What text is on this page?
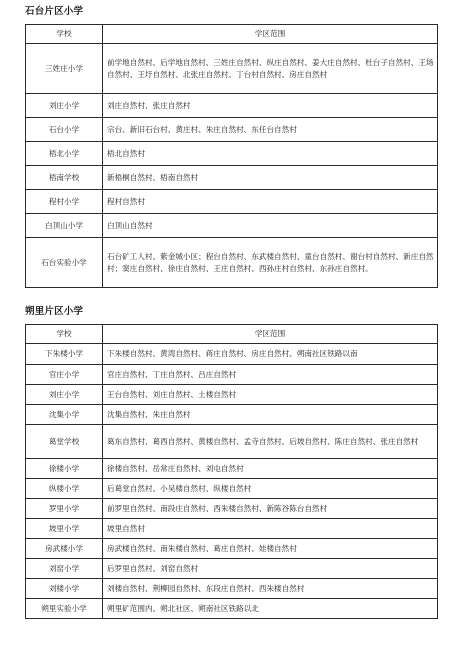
石台片区小学
学校	学区范围
三姓庄小学	前学地自然村、后学地自然村、三姓庄自然村、纵庄自然村、姜大庄自然村、杜台子自然村、王场自然村、王圩自然村、北张庄自然村、丁台村自然村、房庄自然村
刘庄小学	刘庄自然村、张庄自然村
石台小学	宗台、新旧石台村、黄庄村、朱庄自然村、东任台自然村
梧北小学	梧北自然村
梧南学校	新梧桐自然村、梧南自然村
程村小学	程村自然村
白顶山小学	白顶山自然村
石台实验小学	石台矿工人村、紫金城小区；程台自然村、东武楼自然村、童台自然村、谢台村自然村、新庄自然村；窦庄自然村、徐庄自然村、王庄自然村、西孙庄村自然村、东孙庄自然村。
朔里片区小学
学校	学区范围
下朱楼小学	下朱楼自然村、黄湾自然村、蒋庄自然村、房庄自然村、朔南社区铁路以南
官庄小学	官庄自然村、丁庄自然村、吕庄自然村
刘庄小学	王台自然村、刘庄自然村、土楼自然村
沈集小学	沈集自然村、朱庄自然村
葛堂学校	葛东自然村、葛西自然村、黄楼自然村、孟寺自然村、后坡自然村、陈庄自然村、张庄自然村
徐楼小学	徐楼自然村、岳常庄自然村、刘屯自然村
纵楼小学	后葛堂自然村、小吴楼自然村、纵楼自然村
罗里小学	前罗里自然村、南段庄自然村、西朱楼自然村、新陈谷陈台自然村
坡里小学	坡里自然村
房武楼小学	房武楼自然村、南朱楼自然村、葛庄自然村、娃楼自然村
刘窑小学	后罗里自然村、刘窑自然村
刘楼小学	刘楼自然村、荆柳园自然村、东段庄自然村、西朱楼自然村
朔里实验小学	朔里矿范围内、朔北社区、朔南社区铁路以北
